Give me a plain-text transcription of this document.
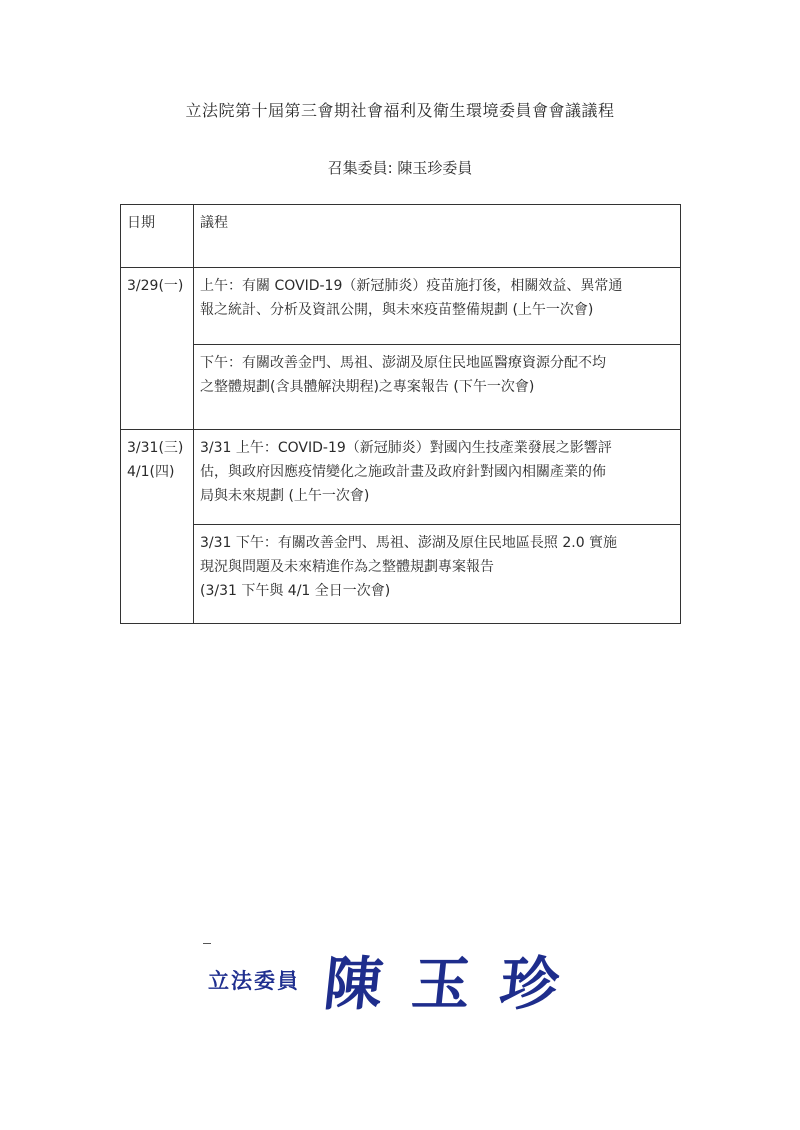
立法院第十屆第三會期社會福利及衛生環境委員會會議議程
召集委員: 陳玉珍委員
日期	議程

3/29(一)	上午：有關 COVID-19（新冠肺炎）疫苗施打後，相關效益、異常通
報之統計、分析及資訊公開，與未來疫苗整備規劃 (上午一次會)

	下午：有關改善金門、馬祖、澎湖及原住民地區醫療資源分配不均
之整體規劃(含具體解決期程)之專案報告 (下午一次會)

3/31(三)
4/1(四)	3/31 上午：COVID-19（新冠肺炎）對國內生技產業發展之影響評
估，與政府因應疫情變化之施政計畫及政府針對國內相關產業的佈
局與未來規劃 (上午一次會)

	3/31 下午：有關改善金門、馬祖、澎湖及原住民地區長照 2.0 實施
現況與問題及未來精進作為之整體規劃專案報告
(3/31 下午與 4/1 全日一次會)
立法委員 陳玉珍
